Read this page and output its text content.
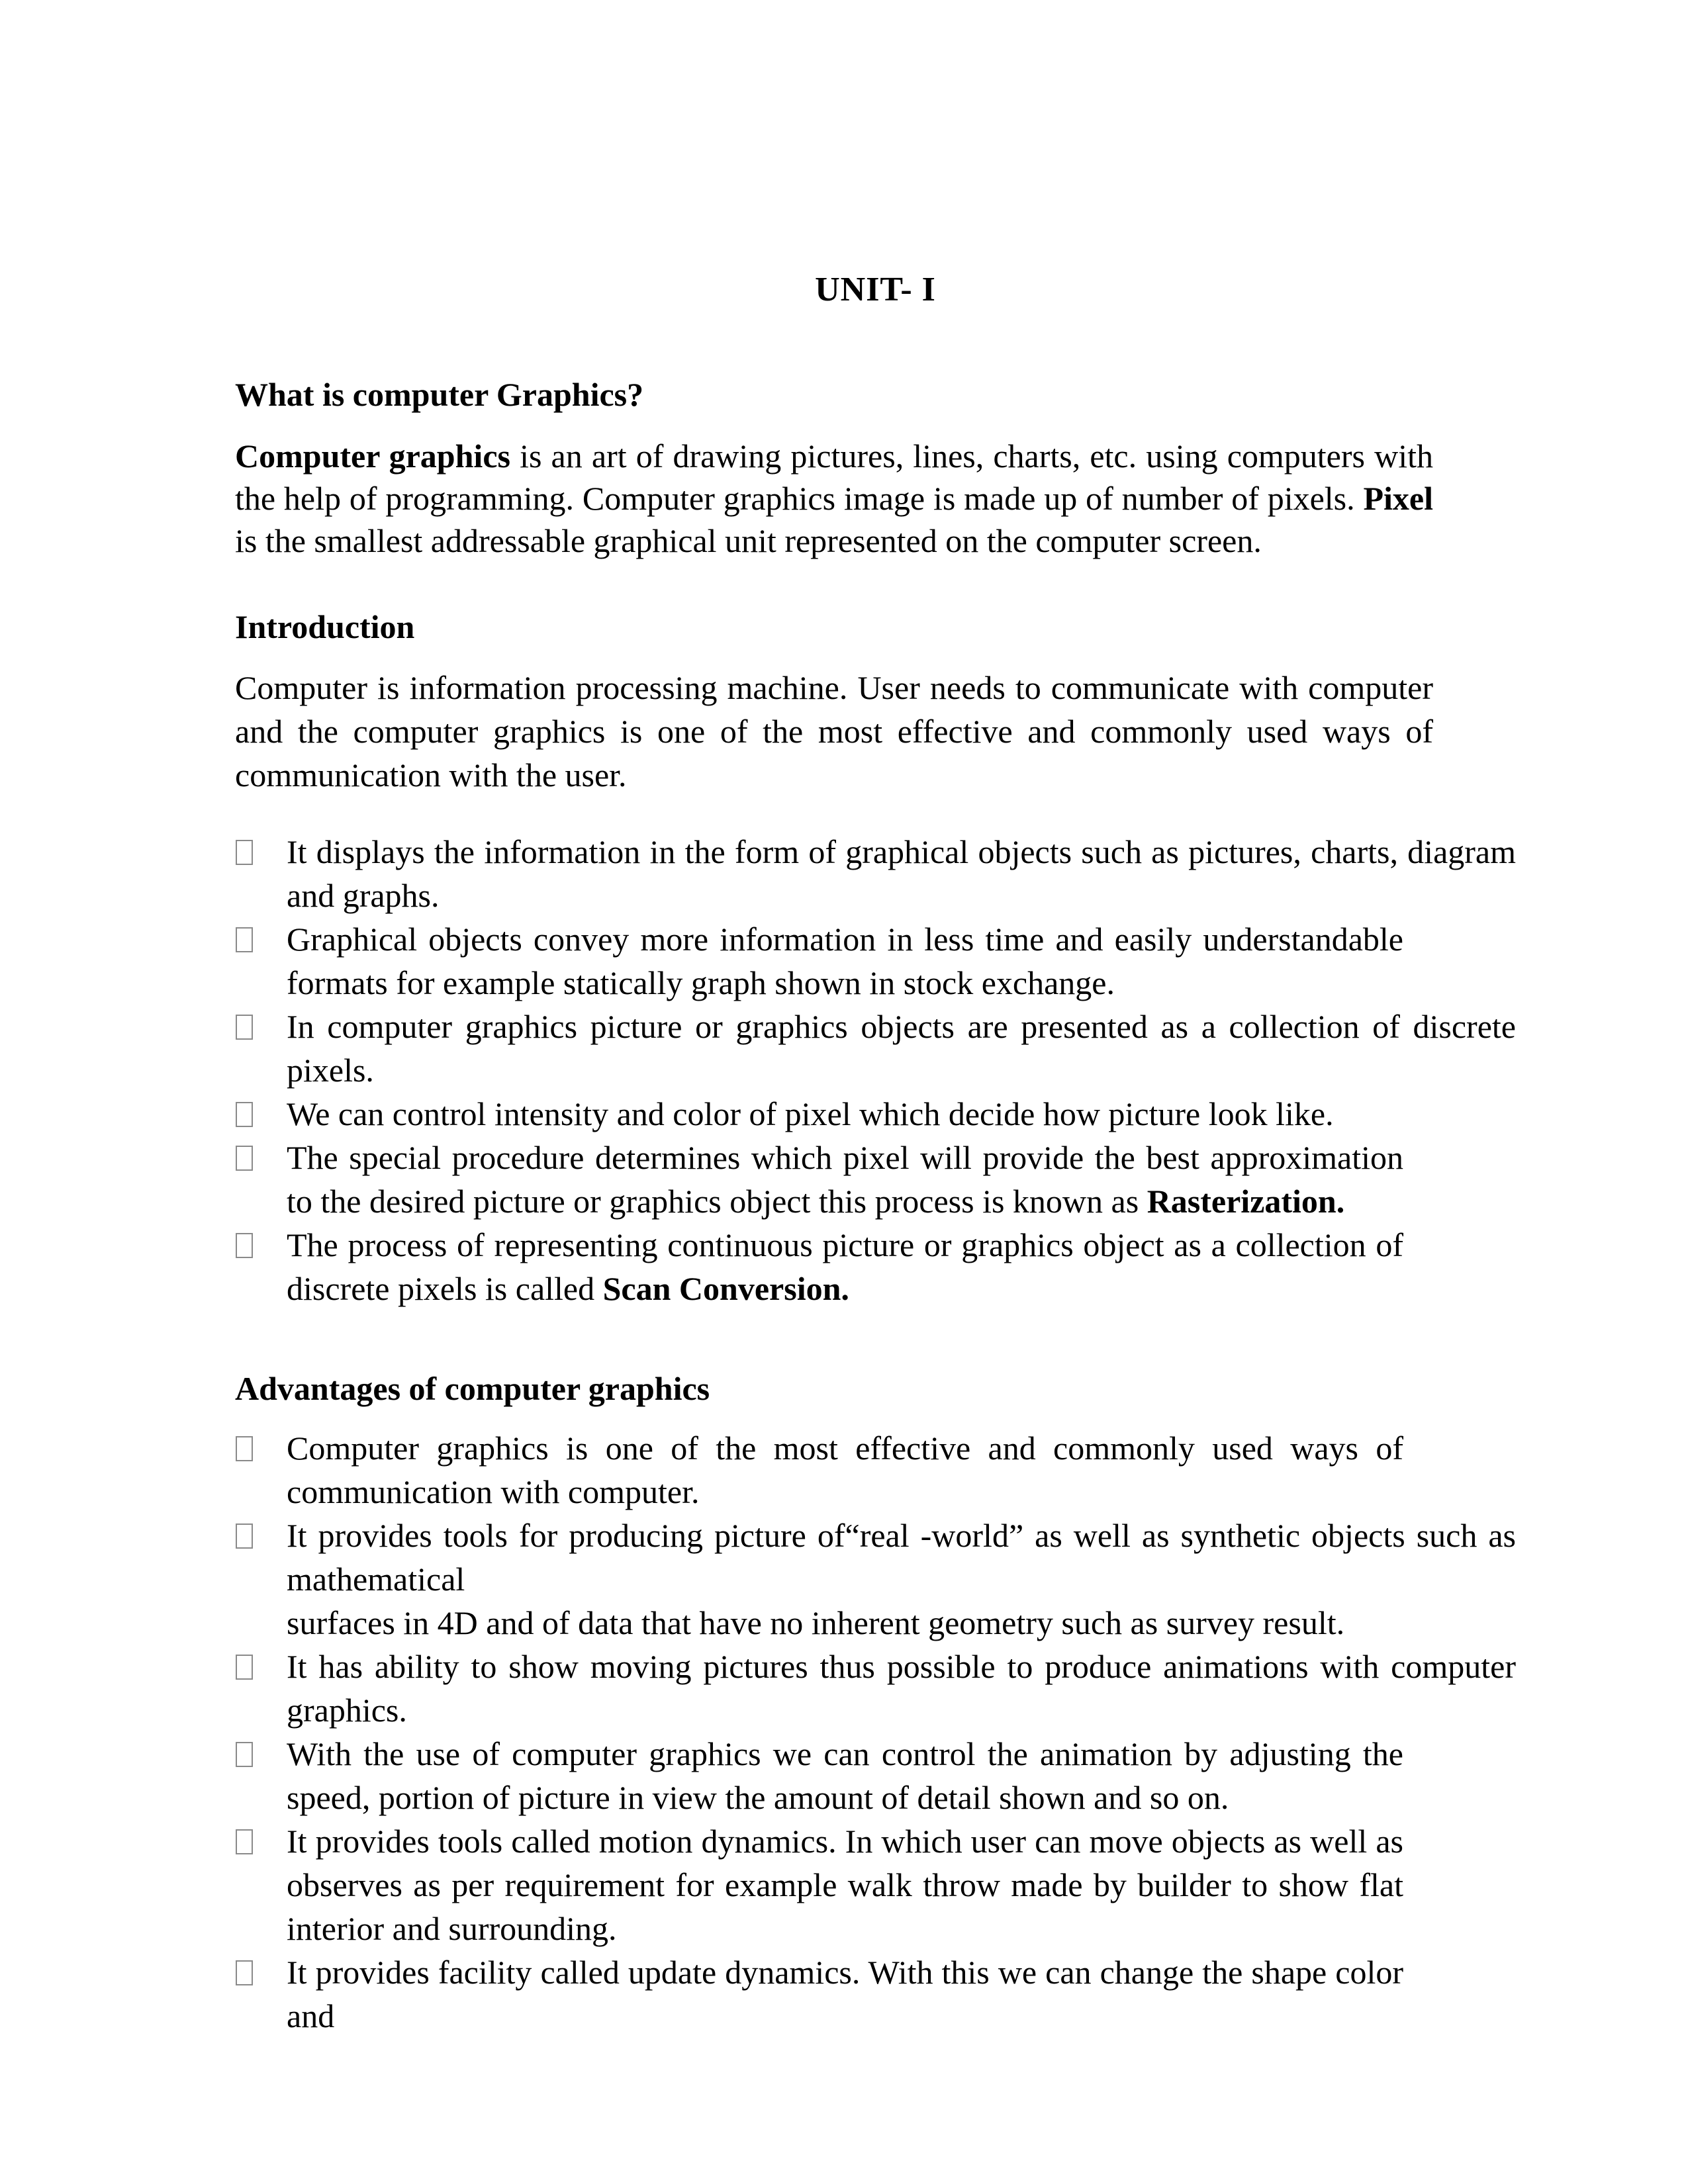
UNIT- I
What is computer Graphics?

Computer graphics is an art of drawing pictures, lines, charts, etc. using computers with the help of programming. Computer graphics image is made up of number of pixels. Pixel is the smallest addressable graphical unit represented on the computer screen.

Introduction

Computer is information processing machine. User needs to communicate with computer and the computer graphics is one of the most effective and commonly used ways of communication with the user.

It displays the information in the form of graphical objects such as pictures, charts, diagram and graphs.
Graphical objects convey more information in less time and easily understandable formats for example statically graph shown in stock exchange.
In computer graphics picture or graphics objects are presented as a collection of discrete pixels.
We can control intensity and color of pixel which decide how picture look like.
The special procedure determines which pixel will provide the best approximation to the desired picture or graphics object this process is known as Rasterization.
The process of representing continuous picture or graphics object as a collection of discrete pixels is called Scan Conversion.
Advantages of computer graphics
Computer graphics is one of the most effective and commonly used ways of communication with computer.
It provides tools for producing picture of“real -world” as well as synthetic objects such as mathematical
surfaces in 4D and of data that have no inherent geometry such as survey result.
It has ability to show moving pictures thus possible to produce animations with computer graphics.
With the use of computer graphics we can control the animation by adjusting the speed, portion of picture in view the amount of detail shown and so on.
It provides tools called motion dynamics. In which user can move objects as well as observes as per requirement for example walk throw made by builder to show flat interior and surrounding.
It provides facility called update dynamics. With this we can change the shape color and
